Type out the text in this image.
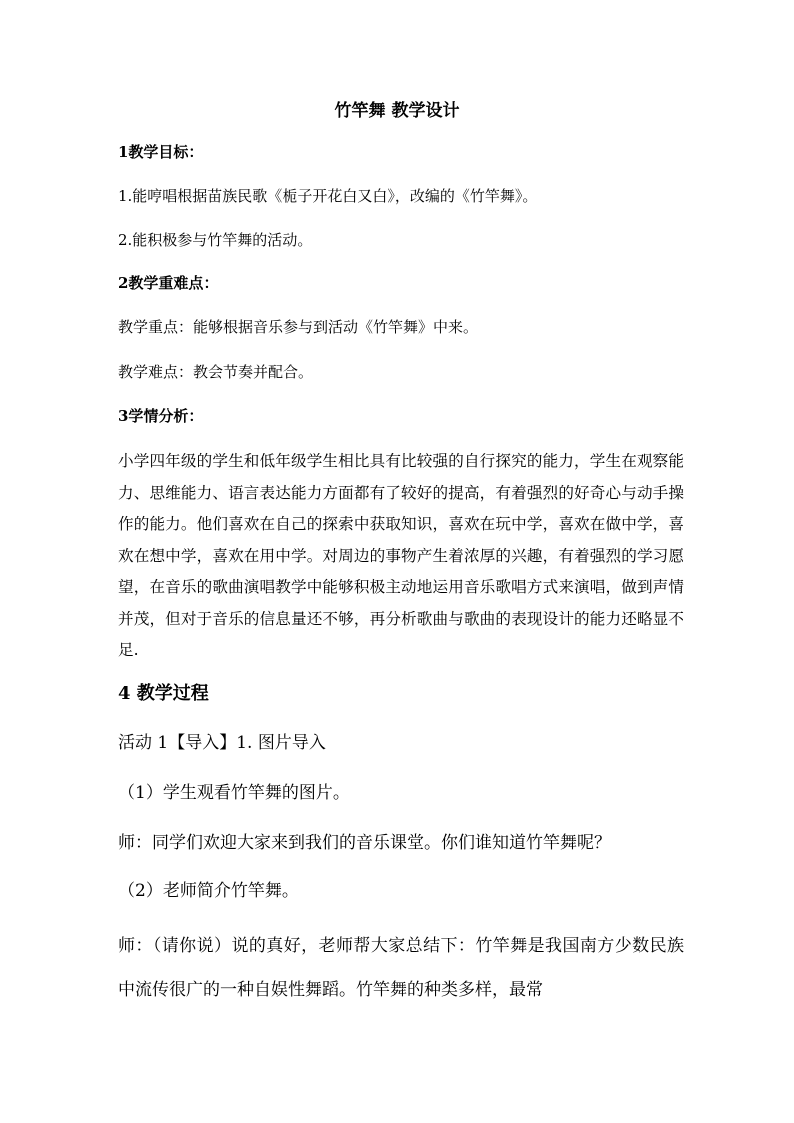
竹竿舞 教学设计
1教学目标：
1.能哼唱根据苗族民歌《栀子开花白又白》，改编的《竹竿舞》。
2.能积极参与竹竿舞的活动。
2教学重难点：
教学重点：能够根据音乐参与到活动《竹竿舞》中来。
教学难点：教会节奏并配合。
3学情分析：
小学四年级的学生和低年级学生相比具有比较强的自行探究的能力，学生在观察能力、思维能力、语言表达能力方面都有了较好的提高，有着强烈的好奇心与动手操作的能力。他们喜欢在自己的探索中获取知识，喜欢在玩中学，喜欢在做中学，喜欢在想中学，喜欢在用中学。对周边的事物产生着浓厚的兴趣，有着强烈的学习愿望，在音乐的歌曲演唱教学中能够积极主动地运用音乐歌唱方式来演唱，做到声情并茂，但对于音乐的信息量还不够，再分析歌曲与歌曲的表现设计的能力还略显不足.
4 教学过程
活动 1【导入】1. 图片导入
（1）学生观看竹竿舞的图片。
师：同学们欢迎大家来到我们的音乐课堂。你们谁知道竹竿舞呢？
（2）老师简介竹竿舞。
师：（请你说）说的真好，老师帮大家总结下：竹竿舞是我国南方少数民族中流传很广的一种自娱性舞蹈。竹竿舞的种类多样，最常
